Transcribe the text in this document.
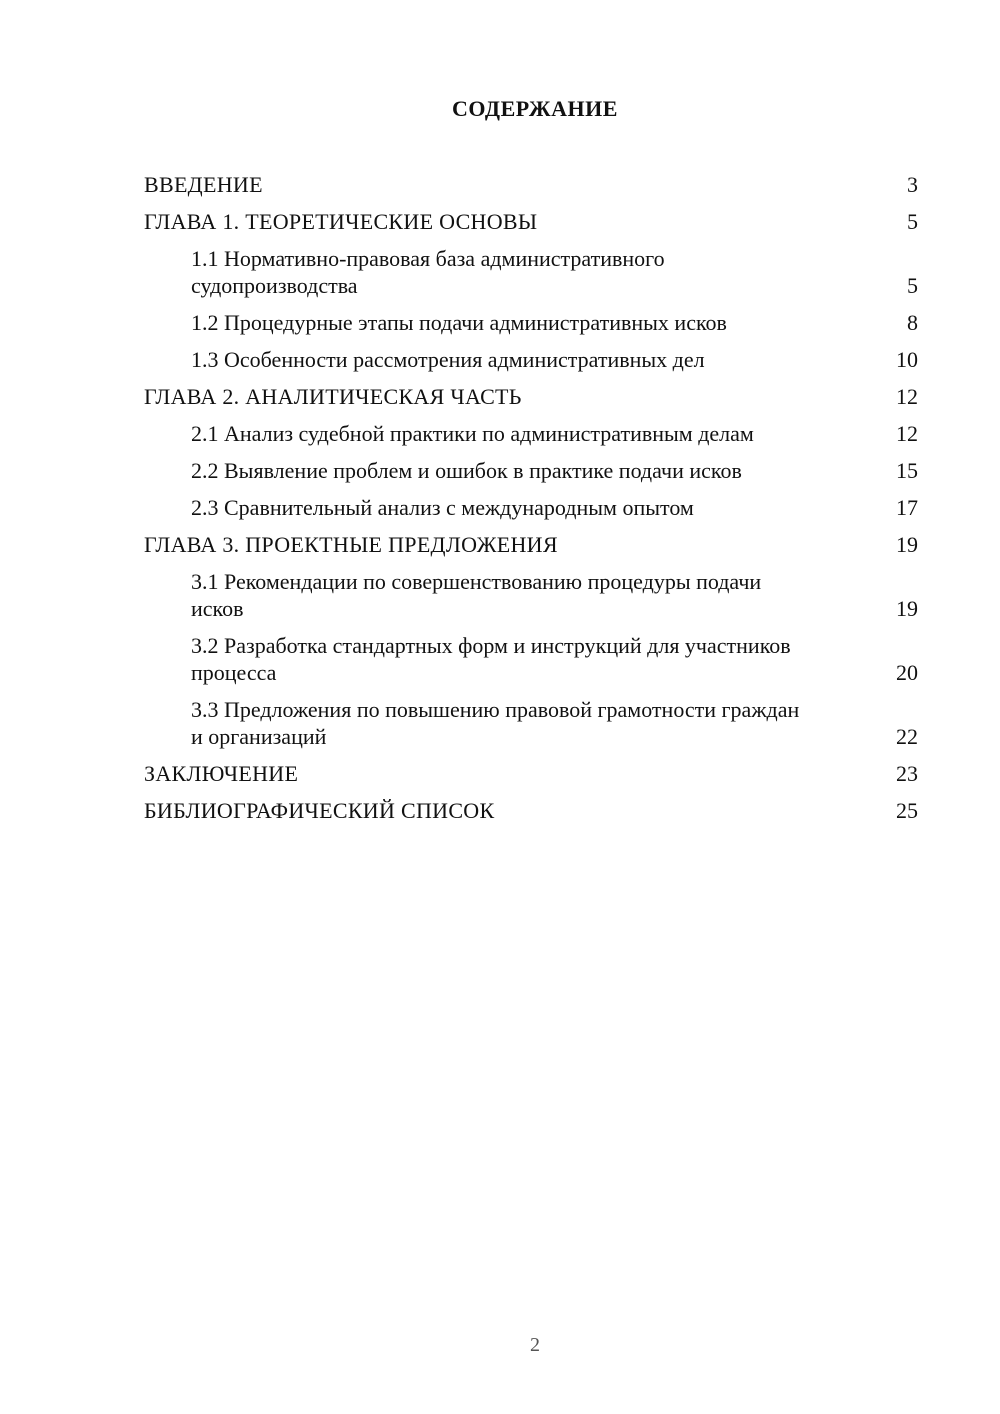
СОДЕРЖАНИЕ
ВВЕДЕНИЕ	3
ГЛАВА 1. ТЕОРЕТИЧЕСКИЕ ОСНОВЫ	5
1.1 Нормативно-правовая база административного судопроизводства	5
1.2 Процедурные этапы подачи административных исков	8
1.3 Особенности рассмотрения административных дел	10
ГЛАВА 2. АНАЛИТИЧЕСКАЯ ЧАСТЬ	12
2.1 Анализ судебной практики по административным делам	12
2.2 Выявление проблем и ошибок в практике подачи исков	15
2.3 Сравнительный анализ с международным опытом	17
ГЛАВА 3. ПРОЕКТНЫЕ ПРЕДЛОЖЕНИЯ	19
3.1 Рекомендации по совершенствованию процедуры подачи исков	19
3.2 Разработка стандартных форм и инструкций для участников процесса	20
3.3 Предложения по повышению правовой грамотности граждан и организаций	22
ЗАКЛЮЧЕНИЕ	23
БИБЛИОГРАФИЧЕСКИЙ СПИСОК	25
2
